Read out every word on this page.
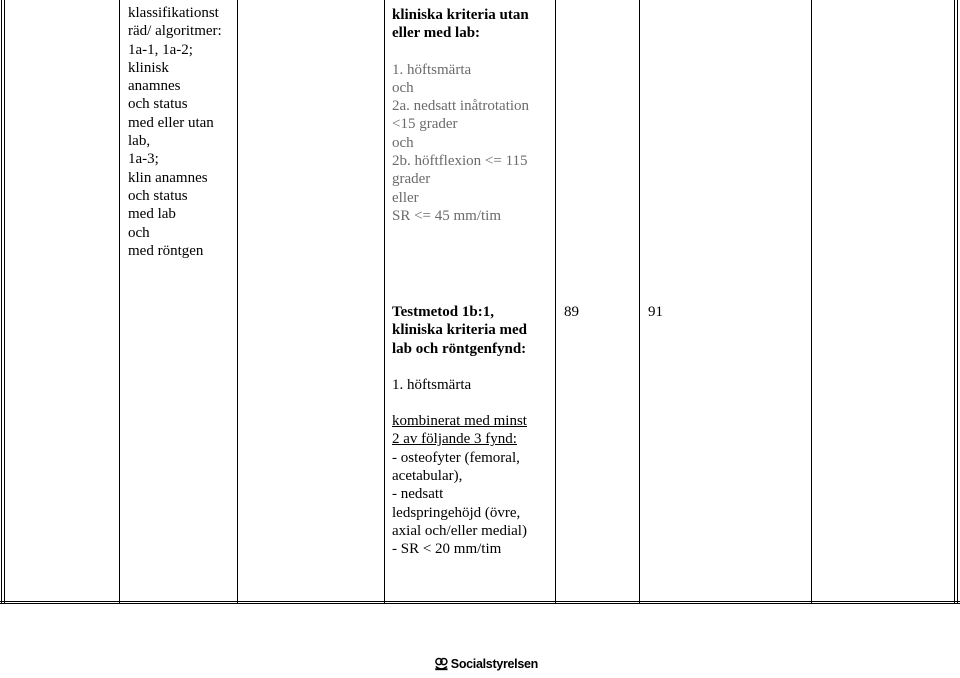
klassifikationst
räd/ algoritmer:
1a-1, 1a-2;
klinisk
anamnes
och status
med eller utan
lab,
1a-3;
klin anamnes
och status
med lab
och
med röntgen
kliniska kriteria utan
eller med lab:
1. höftsmärta
och
2a. nedsatt inåtrotation
<15 grader
och
2b. höftflexion <= 115
grader
eller
SR <= 45 mm/tim
Testmetod 1b:1,
kliniska kriteria med
lab och röntgenfynd:
1. höftsmärta
kombinerat med minst
2 av följande 3 fynd:
- osteofyter (femoral,
acetabular),
- nedsatt
ledspringehöjd (övre,
axial och/eller medial)
- SR < 20 mm/tim
89	91
Socialstyrelsen
